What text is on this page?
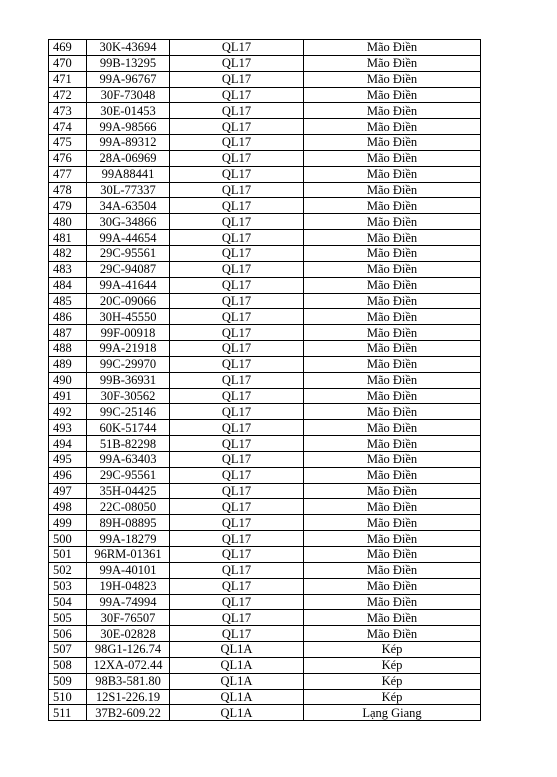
469	30K-43694	QL17	Mão Điền
470	99B-13295	QL17	Mão Điền
471	99A-96767	QL17	Mão Điền
472	30F-73048	QL17	Mão Điền
473	30E-01453	QL17	Mão Điền
474	99A-98566	QL17	Mão Điền
475	99A-89312	QL17	Mão Điền
476	28A-06969	QL17	Mão Điền
477	99A88441	QL17	Mão Điền
478	30L-77337	QL17	Mão Điền
479	34A-63504	QL17	Mão Điền
480	30G-34866	QL17	Mão Điền
481	99A-44654	QL17	Mão Điền
482	29C-95561	QL17	Mão Điền
483	29C-94087	QL17	Mão Điền
484	99A-41644	QL17	Mão Điền
485	20C-09066	QL17	Mão Điền
486	30H-45550	QL17	Mão Điền
487	99F-00918	QL17	Mão Điền
488	99A-21918	QL17	Mão Điền
489	99C-29970	QL17	Mão Điền
490	99B-36931	QL17	Mão Điền
491	30F-30562	QL17	Mão Điền
492	99C-25146	QL17	Mão Điền
493	60K-51744	QL17	Mão Điền
494	51B-82298	QL17	Mão Điền
495	99A-63403	QL17	Mão Điền
496	29C-95561	QL17	Mão Điền
497	35H-04425	QL17	Mão Điền
498	22C-08050	QL17	Mão Điền
499	89H-08895	QL17	Mão Điền
500	99A-18279	QL17	Mão Điền
501	96RM-01361	QL17	Mão Điền
502	99A-40101	QL17	Mão Điền
503	19H-04823	QL17	Mão Điền
504	99A-74994	QL17	Mão Điền
505	30F-76507	QL17	Mão Điền
506	30E-02828	QL17	Mão Điền
507	98G1-126.74	QL1A	Kép
508	12XA-072.44	QL1A	Kép
509	98B3-581.80	QL1A	Kép
510	12S1-226.19	QL1A	Kép
511	37B2-609.22	QL1A	Lạng Giang
